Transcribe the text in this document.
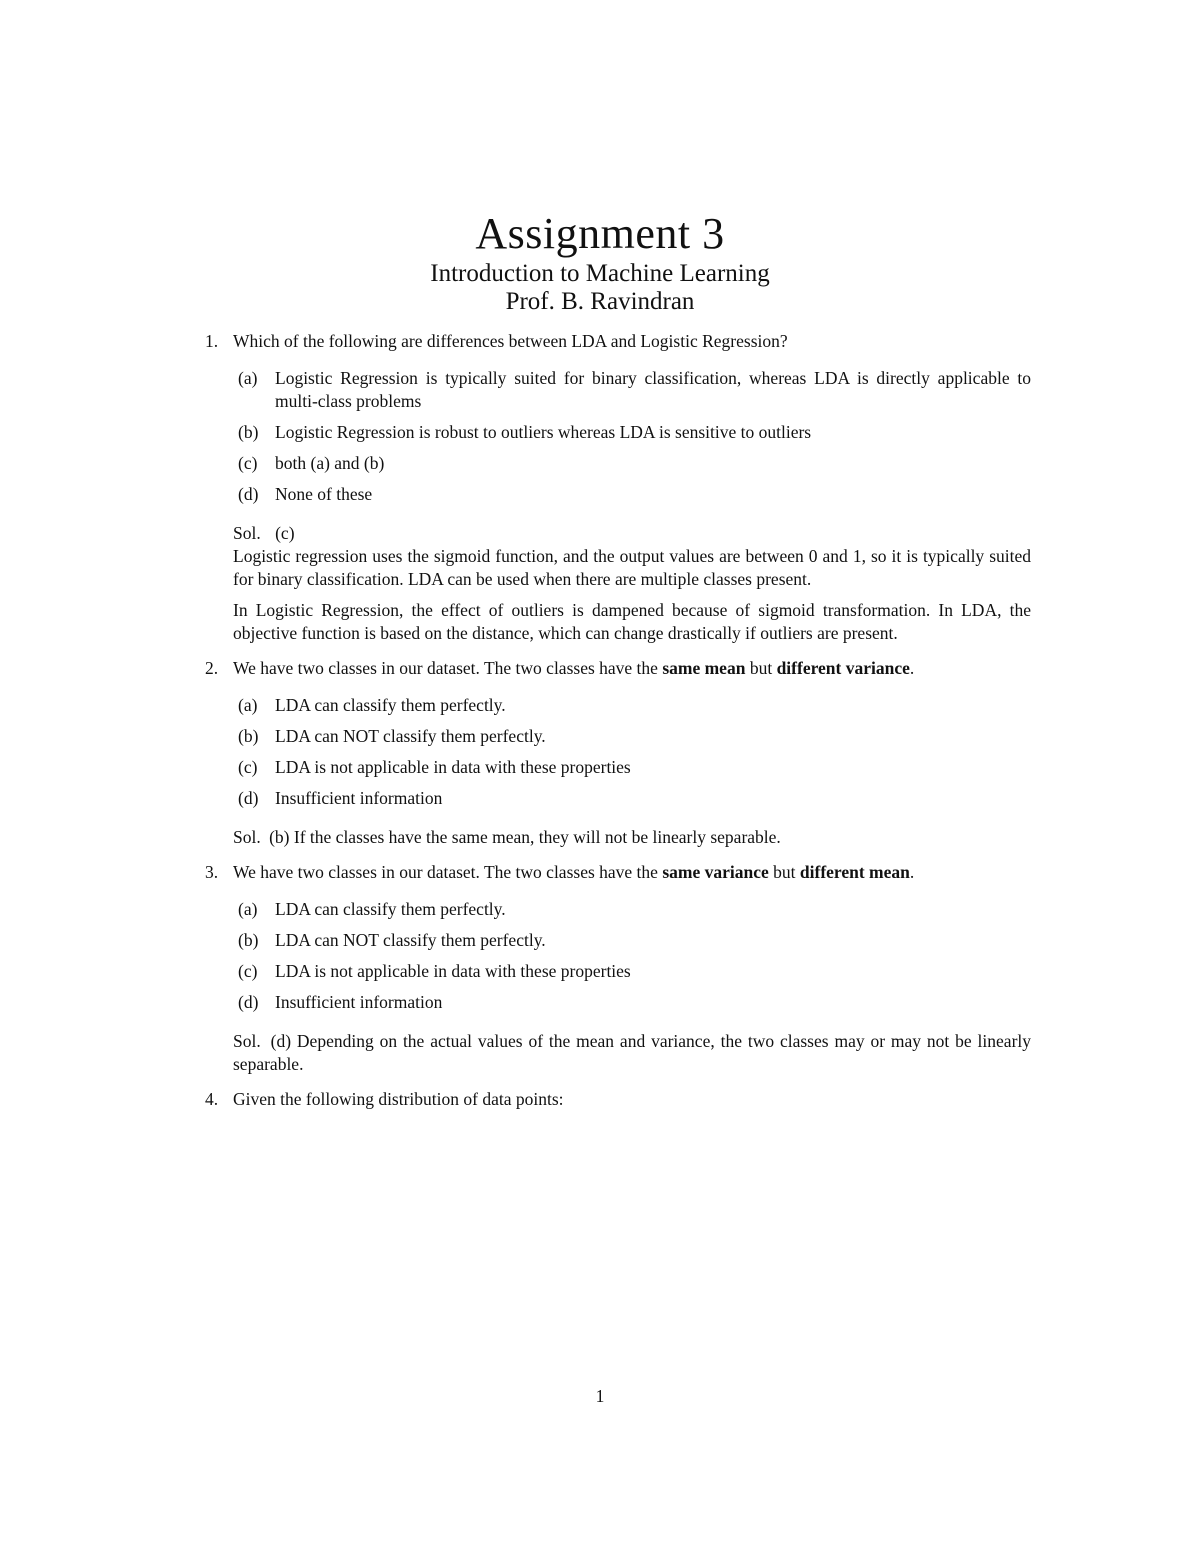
Assignment 3
Introduction to Machine Learning
Prof. B. Ravindran
1. Which of the following are differences between LDA and Logistic Regression?
(a) Logistic Regression is typically suited for binary classification, whereas LDA is directly applicable to multi-class problems
(b) Logistic Regression is robust to outliers whereas LDA is sensitive to outliers
(c) both (a) and (b)
(d) None of these
Sol. (c)

Logistic regression uses the sigmoid function, and the output values are between 0 and 1, so it is typically suited for binary classification. LDA can be used when there are multiple classes present.

In Logistic Regression, the effect of outliers is dampened because of sigmoid transformation. In LDA, the objective function is based on the distance, which can change drastically if outliers are present.

2. We have two classes in our dataset. The two classes have the same mean but different variance.
(a) LDA can classify them perfectly.
(b) LDA can NOT classify them perfectly.
(c) LDA is not applicable in data with these properties
(d) Insufficient information
Sol. (b) If the classes have the same mean, they will not be linearly separable.
3. We have two classes in our dataset. The two classes have the same variance but different mean.
(a) LDA can classify them perfectly.
(b) LDA can NOT classify them perfectly.
(c) LDA is not applicable in data with these properties
(d) Insufficient information
Sol. (d) Depending on the actual values of the mean and variance, the two classes may or may not be linearly separable.
4. Given the following distribution of data points:
1
